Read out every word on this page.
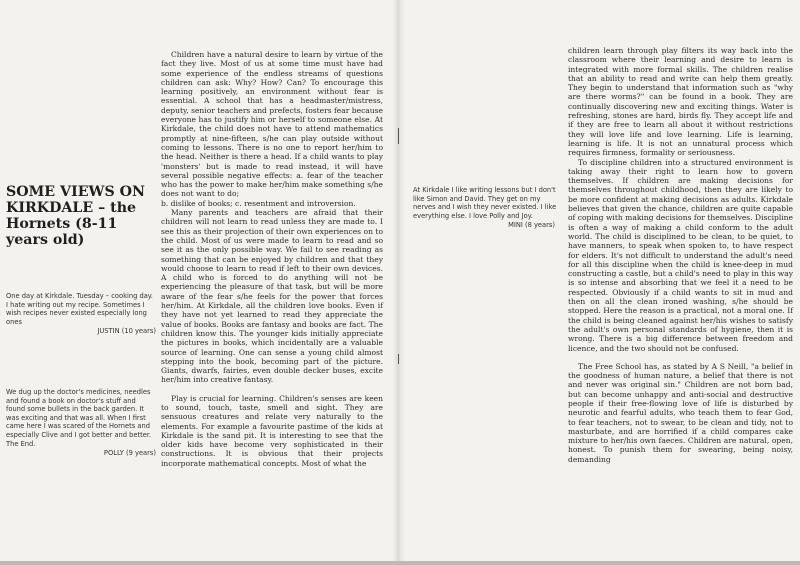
SOME VIEWS ON KIRKDALE – the Hornets (8-11 years old)

One day at Kirkdale. Tuesday – cooking day. I hate writing out my recipe. Sometimes I wish recipes never existed especially long ones

JUSTIN (10 years)

We dug up the doctor's medicines, needles and found a book on doctor's stuff and found some bullets in the back garden. It was exciting and that was all. When I first came here I was scared of the Hornets and especially Clive and I got better and better. The End.

POLLY (9 years)

Children have a natural desire to learn by virtue of the fact they live. Most of us at some time must have had some experience of the endless streams of questions children can ask: Why? How? Can? To encourage this learning positively, an environment without fear is essential. A school that has a headmaster/mistress, deputy, senior teachers and prefects, fosters fear because everyone has to justify him or herself to someone else. At Kirkdale, the child does not have to attend mathematics promptly at nine-fifteen, s/he can play outside without coming to lessons. There is no one to report her/him to the head. Neither is there a head. If a child wants to play 'monsters' but is made to read instead, it will have several possible negative effects: a. fear of the teacher who has the power to make her/him make something s/he does not want to do;

b. dislike of books; c. resentment and introversion.

Many parents and teachers are afraid that their children will not learn to read unless they are made to. I see this as their projection of their own experiences on to the child. Most of us were made to learn to read and so see it as the only possible way. We fail to see reading as something that can be enjoyed by children and that they would choose to learn to read if left to their own devices. A child who is forced to do anything will not be experiencing the pleasure of that task, but will be more aware of the fear s/he feels for the power that forces her/him. At Kirkdale, all the children love books. Even if they have not yet learned to read they appreciate the value of books. Books are fantasy and books are fact. The children know this. The younger kids initially appreciate the pictures in books, which incidentally are a valuable source of learning. One can sense a young child almost stepping into the book, becoming part of the picture. Giants, dwarfs, fairies, even double decker buses, excite her/him into creative fantasy.

Play is crucial for learning. Children's senses are keen to sound, touch, taste, smell and sight. They are sensuous creatures and relate very naturally to the elements. For example a favourite pastime of the kids at Kirkdale is the sand pit. It is interesting to see that the older kids have become very sophisticated in their constructions. It is obvious that their projects incorporate mathematical concepts. Most of what the

At Kirkdale I like writing lessons but I don't like Simon and David. They get on my nerves and I wish they never existed. I like everything else. I love Polly and Joy.

MINI (8 years)

children learn through play filters its way back into the classroom where their learning and desire to learn is integrated with more formal skills. The children realise that an ability to read and write can help them greatly. They begin to understand that information such as "why are there worms?" can be found in a book. They are continually discovering new and exciting things. Water is refreshing, stones are hard, birds fly. They accept life and if they are free to learn all about it without restrictions they will love life and love learning. Life is learning, learning is life. It is not an unnatural process which requires firmness, formality or seriousness.

To discipline children into a structured environment is taking away their right to learn how to govern themselves. If children are making decisions for themselves throughout childhood, then they are likely to be more confident at making decisions as adults. Kirkdale believes that given the chance, children are quite capable of coping with making decisions for themselves. Discipline is often a way of making a child conform to the adult world. The child is disciplined to be clean, to be quiet, to have manners, to speak when spoken to, to have respect for elders. It's not difficult to understand the adult's need for all this discipline when the child is knee-deep in mud constructing a castle, but a child's need to play in this way is so intense and absorbing that we feel it a need to be respected. Obviously if a child wants to sit in mud and then on all the clean ironed washing, s/he should be stopped. Here the reason is a practical, not a moral one. If the child is being cleaned against her/his wishes to satisfy the adult's own personal standards of hygiene, then it is wrong. There is a big difference between freedom and licence, and the two should not be confused.

The Free School has, as stated by A S Neill, "a belief in the goodness of human nature, a belief that there is not and never was original sin." Children are not born bad, but can become unhappy and anti-social and destructive people if their free-flowing love of life is disturbed by neurotic and fearful adults, who teach them to fear God, to fear teachers, not to swear, to be clean and tidy, not to masturbate, and are horrified if a child compares cake mixture to her/his own faeces. Children are natural, open, honest. To punish them for swearing, being noisy, demanding
